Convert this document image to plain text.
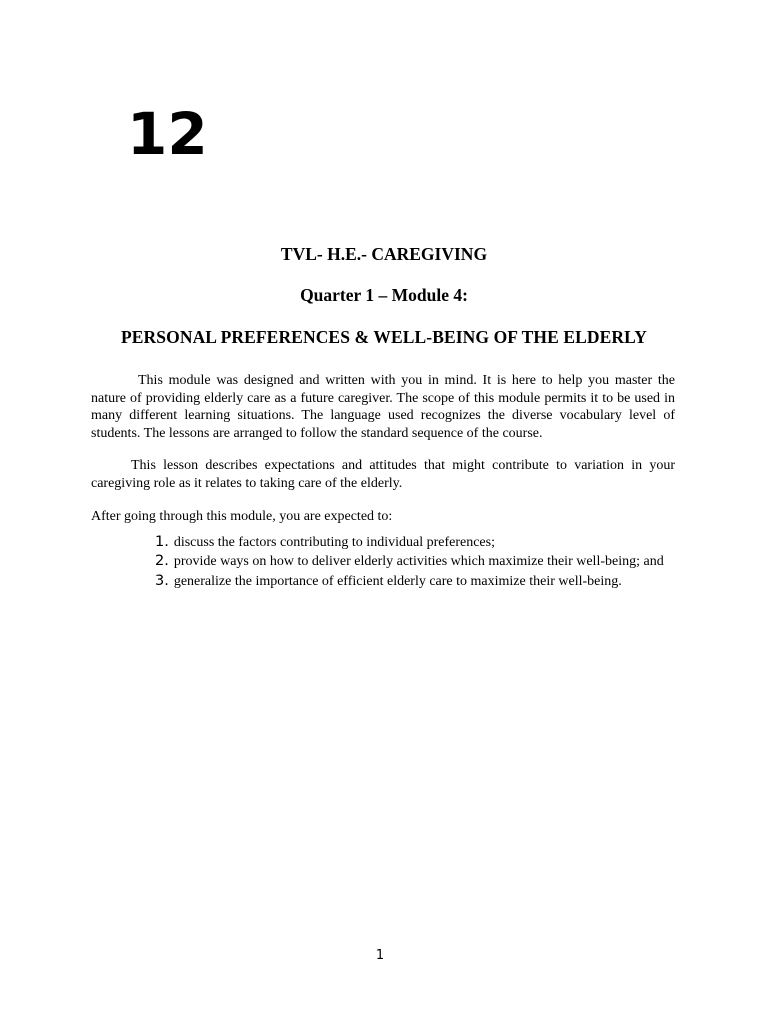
12
TVL- H.E.- CAREGIVING
Quarter 1 – Module 4:
PERSONAL PREFERENCES & WELL-BEING OF THE ELDERLY

This module was designed and written with you in mind. It is here to help you master the nature of providing elderly care as a future caregiver. The scope of this module permits it to be used in many different learning situations. The language used recognizes the diverse vocabulary level of students. The lessons are arranged to follow the standard sequence of the course.

This lesson describes expectations and attitudes that might contribute to variation in your caregiving role as it relates to taking care of the elderly.

After going through this module, you are expected to:

1. discuss the factors contributing to individual preferences;
2. provide ways on how to deliver elderly activities which maximize their well-being; and
3. generalize the importance of efficient elderly care to maximize their well-being.
1
